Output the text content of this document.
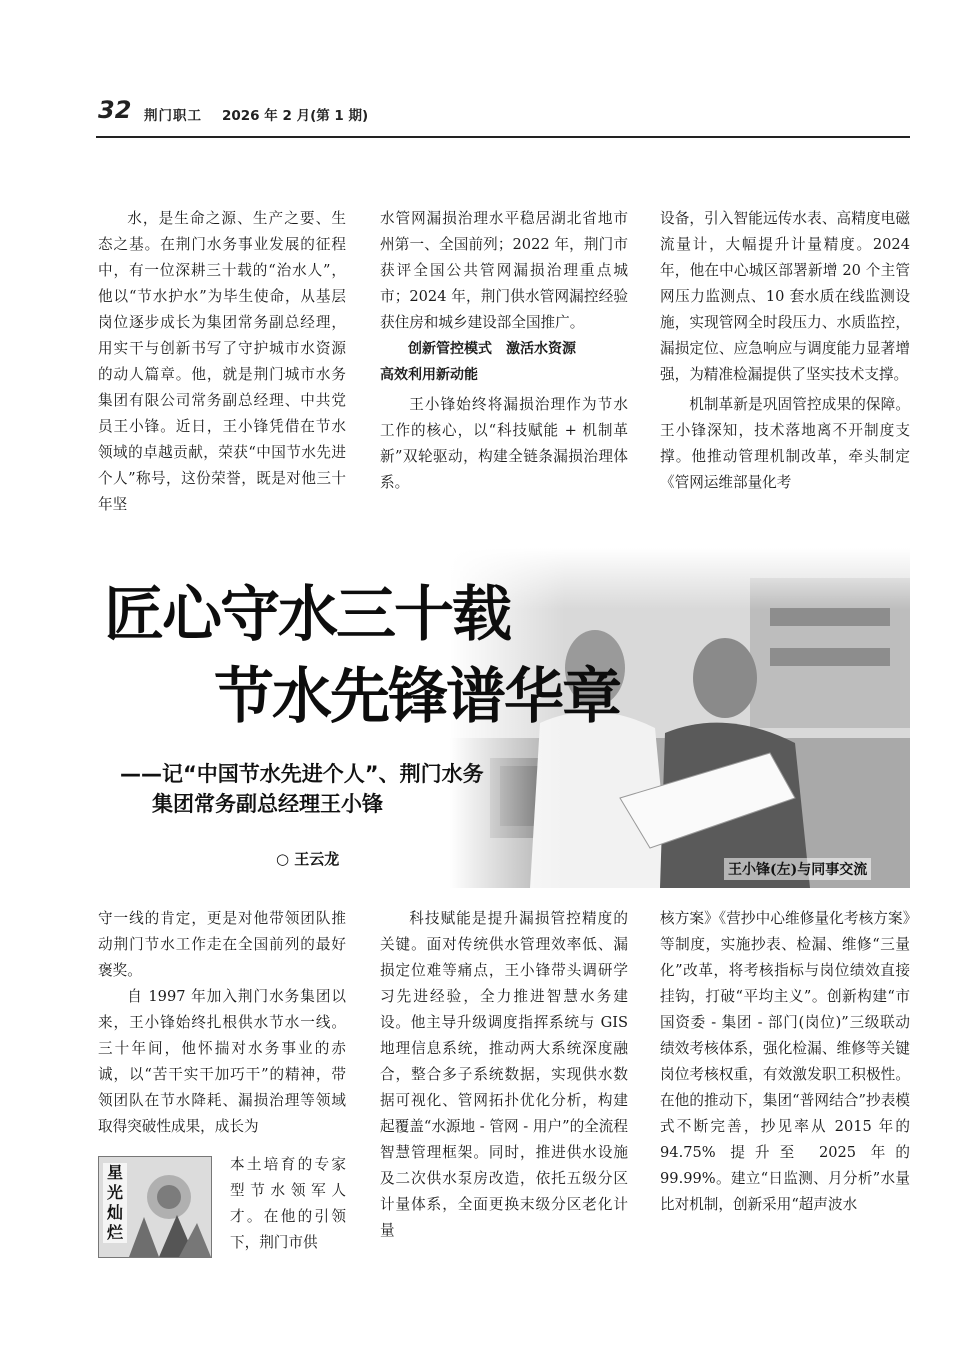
32 荆门职工 2026 年 2 月(第 1 期)

水，是生命之源、生产之要、生态之基。在荆门水务事业发展的征程中，有一位深耕三十载的“治水人”，他以“节水护水”为毕生使命，从基层岗位逐步成长为集团常务副总经理，用实干与创新书写了守护城市水资源的动人篇章。他，就是荆门城市水务集团有限公司常务副总经理、中共党员王小锋。近日，王小锋凭借在节水领域的卓越贡献，荣获“中国节水先进个人”称号，这份荣誉，既是对他三十年坚

水管网漏损治理水平稳居湖北省地市州第一、全国前列；2022 年，荆门市获评全国公共管网漏损治理重点城市；2024 年，荆门供水管网漏控经验获住房和城乡建设部全国推广。

创新管控模式　激活水资源

高效利用新动能

王小锋始终将漏损治理作为节水工作的核心，以“科技赋能 + 机制革新”双轮驱动，构建全链条漏损治理体系。

设备，引入智能远传水表、高精度电磁流量计，大幅提升计量精度。2024 年，他在中心城区部署新增 20 个主管网压力监测点、10 套水质在线监测设施，实现管网全时段压力、水质监控，漏损定位、应急响应与调度能力显著增强，为精准检漏提供了坚实技术支撑。

机制革新是巩固管控成果的保障。王小锋深知，技术落地离不开制度支撑。他推动管理机制改革，牵头制定《管网运维部量化考

王小锋(左)与同事交流
匠心守水三十载
节水先锋谱华章
——记“中国节水先进个人”、荆门水务
集团常务副总经理王小锋
○ 王云龙

守一线的肯定，更是对他带领团队推动荆门节水工作走在全国前列的最好褒奖。

自 1997 年加入荆门水务集团以来，王小锋始终扎根供水节水一线。三十年间，他怀揣对水务事业的赤诚，以“苦干实干加巧干”的精神，带领团队在节水降耗、漏损治理等领域取得突破性成果，成长为

本土培育的专家型节水领军人才。在他的引领下，荆门市供

星光灿烂

科技赋能是提升漏损管控精度的关键。面对传统供水管理效率低、漏损定位难等痛点，王小锋带头调研学习先进经验，全力推进智慧水务建设。他主导升级调度指挥系统与 GIS 地理信息系统，推动两大系统深度融合，整合多子系统数据，实现供水数据可视化、管网拓扑优化分析，构建起覆盖“水源地 - 管网 - 用户”的全流程智慧管理框架。同时，推进供水设施及二次供水泵房改造，依托五级分区计量体系，全面更换末级分区老化计量

核方案》《营抄中心维修量化考核方案》等制度，实施抄表、检漏、维修“三量化”改革，将考核指标与岗位绩效直接挂钩，打破“平均主义”。创新构建“市国资委 - 集团 - 部门(岗位)”三级联动绩效考核体系，强化检漏、维修等关键岗位考核权重，有效激发职工积极性。在他的推动下，集团“普网结合”抄表模式不断完善，抄见率从 2015 年的 94.75% 提升至 2025 年的 99.99%。建立“日监测、月分析”水量比对机制，创新采用“超声波水
